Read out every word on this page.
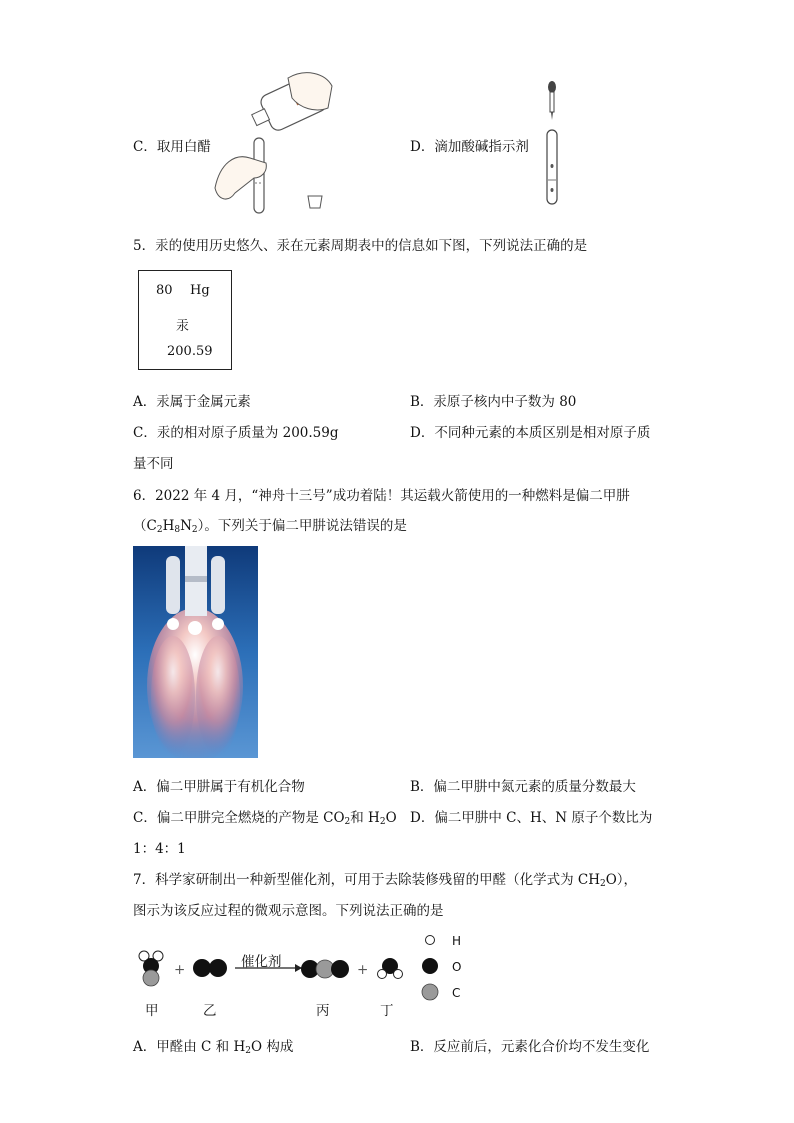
C．取用白醋	D．滴加酸碱指示剂
5．汞的使用历史悠久、汞在元素周期表中的信息如下图，下列说法正确的是
80 Hg
汞
200.59
A．汞属于金属元素	B．汞原子核内中子数为 80
C．汞的相对原子质量为 200.59g	D．不同种元素的本质区别是相对原子质
量不同
6．2022 年 4 月，“神舟十三号”成功着陆！其运载火箭使用的一种燃料是偏二甲肼
$(C_2H_8N_2)$。下列关于偏二甲肼说法错误的是
A．偏二甲肼属于有机化合物	B．偏二甲肼中氮元素的质量分数最大
C．偏二甲肼完全燃烧的产物是 $CO_2$和 $H_2O$ D．偏二甲肼中 C、H、N 原子个数比为
1：4：1
7．科学家研制出一种新型催化剂，可用于去除装修残留的甲醛（化学式为 $CH_2O$），
图示为该反应过程的微观示意图。下列说法正确的是
催化剂
+	+
H
O
C
甲	乙	丙	丁
A．甲醛由 C 和 $H_2O$ 构成	B．反应前后，元素化合价均不发生变化
